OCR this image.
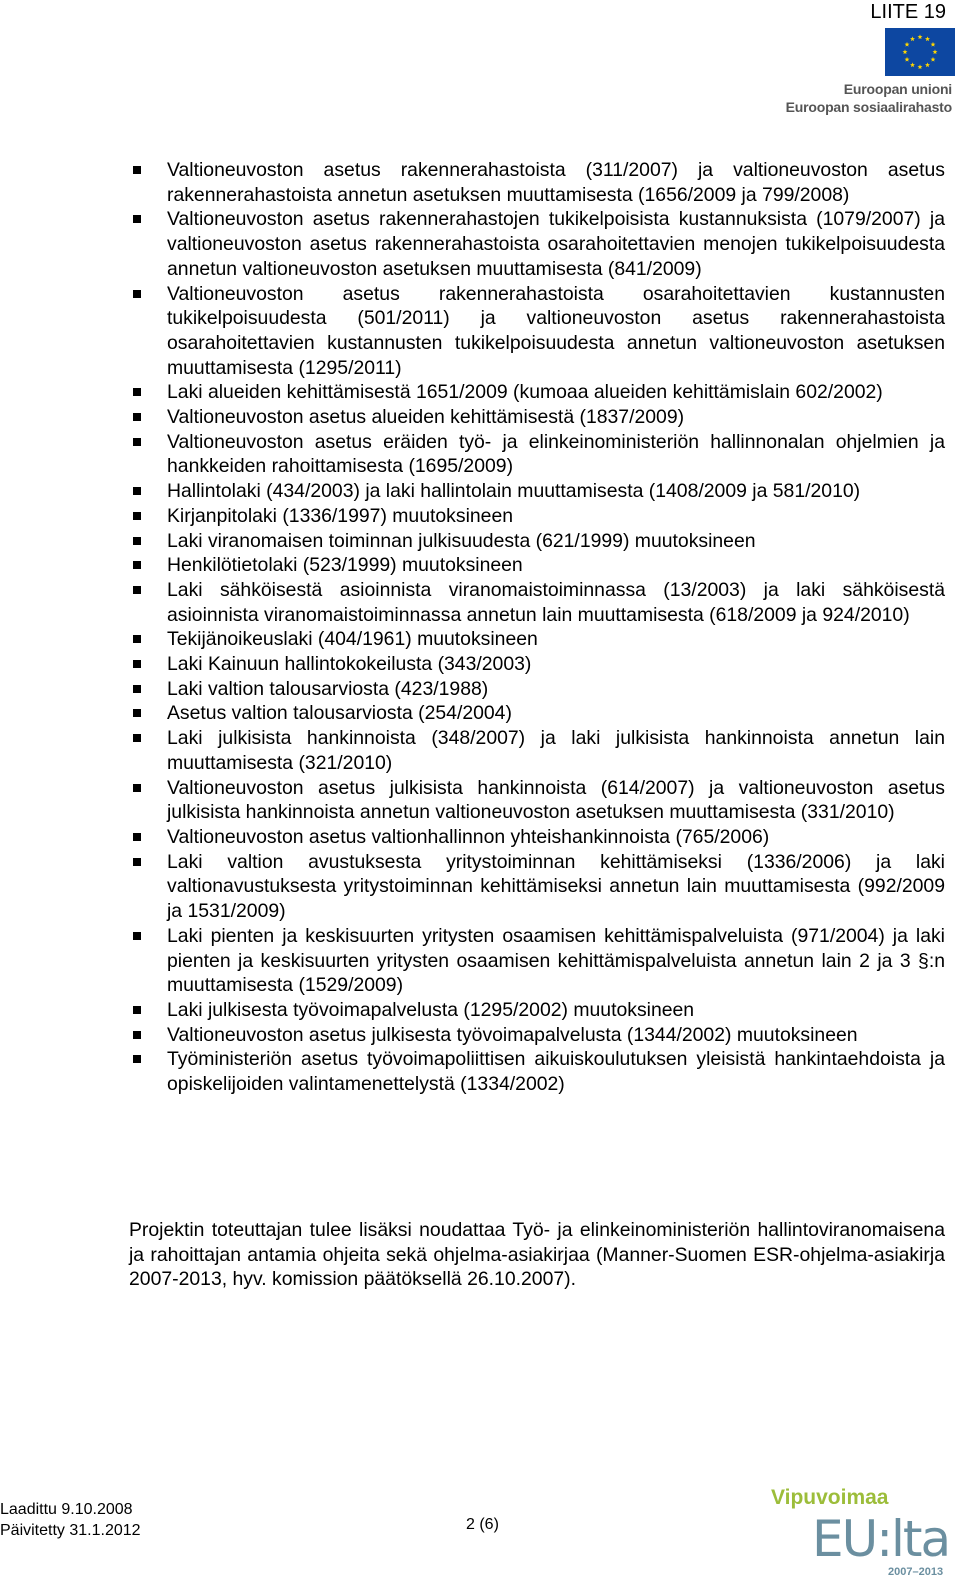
LIITE 19
Euroopan unioni
Euroopan sosiaalirahasto
Valtioneuvoston asetus rakennerahastoista (311/2007) ja valtioneuvoston asetus rakennerahastoista annetun asetuksen muuttamisesta (1656/2009 ja 799/2008)
Valtioneuvoston asetus rakennerahastojen tukikelpoisista kustannuksista (1079/2007) ja valtioneuvoston asetus rakennerahastoista osarahoitettavien menojen tukikelpoisuudesta annetun valtioneuvoston asetuksen muuttamisesta (841/2009)
Valtioneuvoston asetus rakennerahastoista osarahoitettavien kustannusten tukikelpoisuudesta (501/2011) ja valtioneuvoston asetus rakennerahastoista osarahoitettavien kustannusten tukikelpoisuudesta annetun valtioneuvoston asetuksen muuttamisesta (1295/2011)
Laki alueiden kehittämisestä 1651/2009 (kumoaa alueiden kehittämislain 602/2002)
Valtioneuvoston asetus alueiden kehittämisestä (1837/2009)
Valtioneuvoston asetus eräiden työ- ja elinkeinoministeriön hallinnonalan ohjelmien ja hankkeiden rahoittamisesta (1695/2009)
Hallintolaki (434/2003) ja laki hallintolain muuttamisesta (1408/2009 ja 581/2010)
Kirjanpitolaki (1336/1997) muutoksineen
Laki viranomaisen toiminnan julkisuudesta (621/1999) muutoksineen
Henkilötietolaki (523/1999) muutoksineen
Laki sähköisestä asioinnista viranomaistoiminnassa (13/2003) ja laki sähköisestä asioinnista viranomaistoiminnassa annetun lain muuttamisesta (618/2009 ja 924/2010)
Tekijänoikeuslaki (404/1961) muutoksineen
Laki Kainuun hallintokokeilusta (343/2003)
Laki valtion talousarviosta (423/1988)
Asetus valtion talousarviosta (254/2004)
Laki julkisista hankinnoista (348/2007) ja laki julkisista hankinnoista annetun lain muuttamisesta (321/2010)
Valtioneuvoston asetus julkisista hankinnoista (614/2007) ja valtioneuvoston asetus julkisista hankinnoista annetun valtioneuvoston asetuksen muuttamisesta (331/2010)
Valtioneuvoston asetus valtionhallinnon yhteishankinnoista (765/2006)
Laki valtion avustuksesta yritystoiminnan kehittämiseksi (1336/2006) ja laki valtionavustuksesta yritystoiminnan kehittämiseksi annetun lain muuttamisesta (992/2009 ja 1531/2009)
Laki pienten ja keskisuurten yritysten osaamisen kehittämispalveluista (971/2004) ja laki pienten ja keskisuurten yritysten osaamisen kehittämispalveluista annetun lain 2 ja 3 §:n muuttamisesta (1529/2009)
Laki julkisesta työvoimapalvelusta (1295/2002) muutoksineen
Valtioneuvoston asetus julkisesta työvoimapalvelusta (1344/2002) muutoksineen
Työministeriön asetus työvoimapoliittisen aikuiskoulutuksen yleisistä hankintaehdoista ja opiskelijoiden valintamenettelystä (1334/2002)

Projektin toteuttajan tulee lisäksi noudattaa Työ- ja elinkeinoministeriön hallintoviranomaisena ja rahoittajan antamia ohjeita sekä ohjelma-asiakirjaa (Manner-Suomen ESR-ohjelma-asiakirja 2007-2013, hyv. komission päätöksellä 26.10.2007).

Laadittu 9.10.2008
Päivitetty 31.1.2012	2 (6)
Vipuvoimaa
EU:lta
2007–2013
